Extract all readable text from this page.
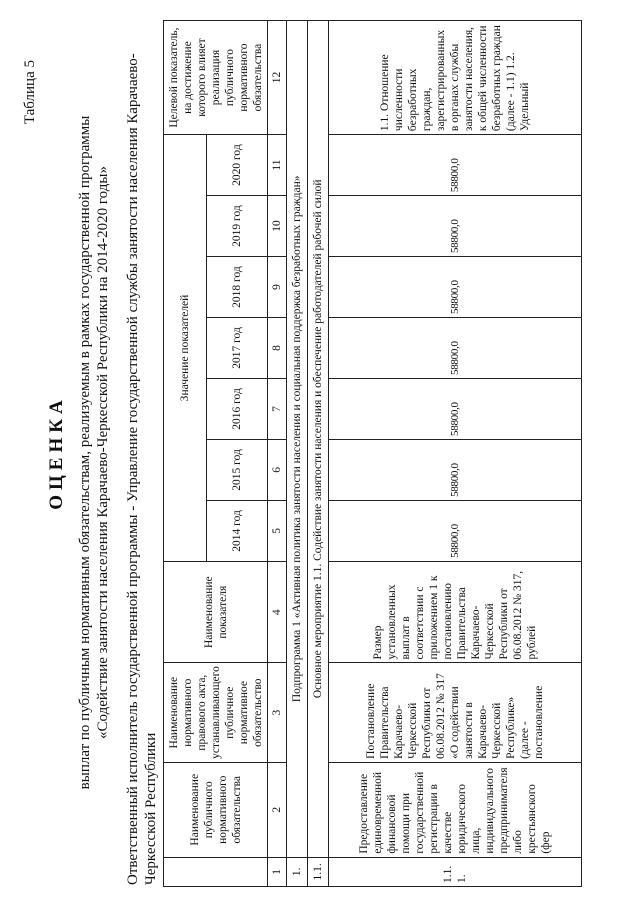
Таблица 5
ОЦЕНКА выплат по публичным нормативным обязательствам, реализуемым в рамках государственной программы «Содействие занятости населения Карачаево-Черкесской Республики на 2014-2020 годы» Ответственный исполнитель государственной программы - Управление государственной службы занятости населения Карачаево-Черкесской Республики
		Наименование публичного нормативного обязательства	Наименование нормативного правового акта, устанавливающего публичное нормативное обязательство	Наименование показателя	Значение показателей							Целевой показатель, на достижение которого влияет реализация публичного нормативного обязательства
				2014 год	2015 год	2016 год	2017 год	2018 год	2019 год	2020 год	
1	2	3	4	5	6	7	8	9	10	11	12
1.	Подпрограмма 1 «Активная политика занятости населения и социальная поддержка безработных граждан»										
1.1.	Основное мероприятие 1.1. Содействие занятости населения и обеспечение работодателей рабочей силой										
1.1. 1.	Предоставление единовременной финансовой помощи при государственной регистрации в качестве юридического лица, индивидуального предпринимателя либо крестьянского (фер	Постановление Правительства Карачаево-Черкесской Республики от 06.08.2012 № 317 «О содействии занятости в Карачаево-Черкесской Республике» (далее - постановление	Размер установленных выплат в соответствии с приложением 1 к постановлению Правительства Карачаево-Черкесской Республики от 06.08.2012 № 317, рублей	58800,0	58800,0	58800,0	58800,0	58800,0	58800,0	58800,0	1.1. Отношение численности безработных граждан, зарегистрированных в органах службы занятости населения, к общей численности безработных граждан (далее - 1.1) 1.2. Удельный
